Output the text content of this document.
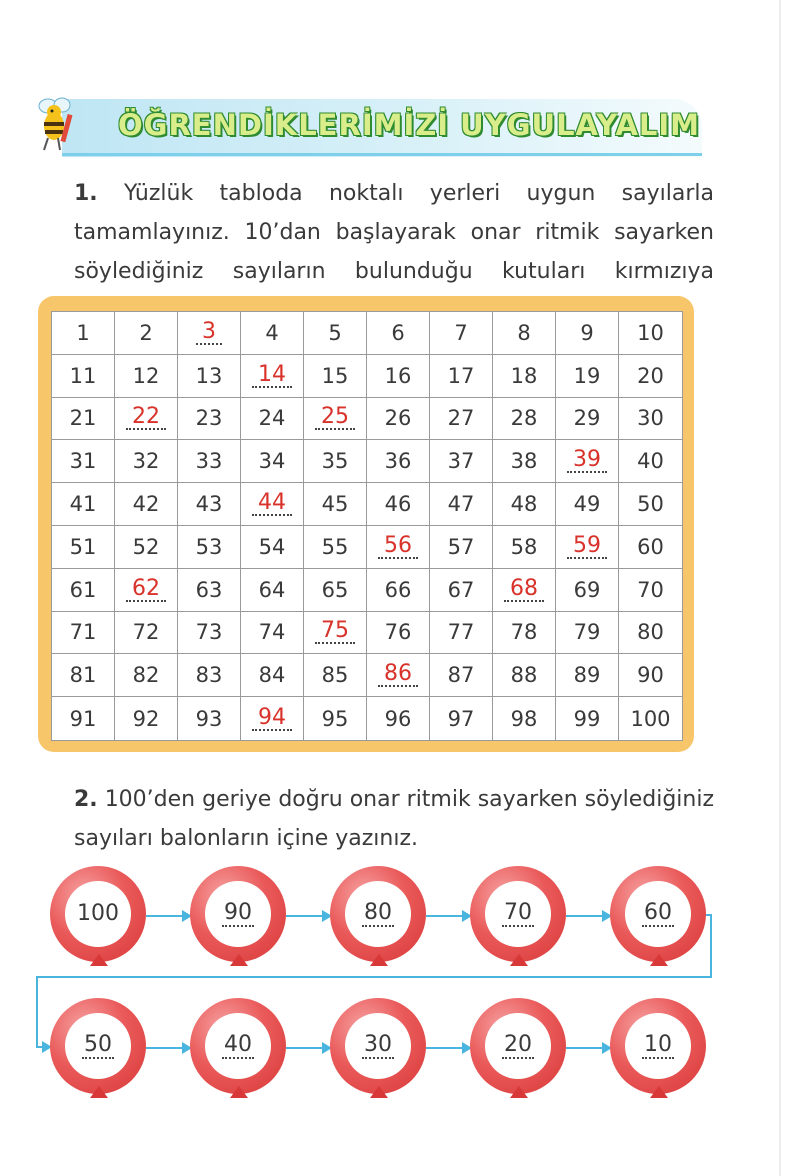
ÖĞRENDİKLERİMİZİ UYGULAYALIM
1. Yüzlük tabloda noktalı yerleri uygun sayılarla tamamlayınız. 10’dan başlayarak onar ritmik sayarken söylediğiniz sayıların bulunduğu kutuları kırmızıya
1 2 3 4 5 6 7 8 9 10
11 12 13 14 15 16 17 18 19 20
21 22 23 24 25 26 27 28 29 30
31 32 33 34 35 36 37 38 39 40
41 42 43 44 45 46 47 48 49 50
51 52 53 54 55 56 57 58 59 60
61 62 63 64 65 66 67 68 69 70
71 72 73 74 75 76 77 78 79 80
81 82 83 84 85 86 87 88 89 90
91 92 93 94 95 96 97 98 99 100
2. 100’den geriye doğru onar ritmik sayarken söylediğiniz sayıları balonların içine yazınız.
100	90	80	70	60
50	40	30	20	10
